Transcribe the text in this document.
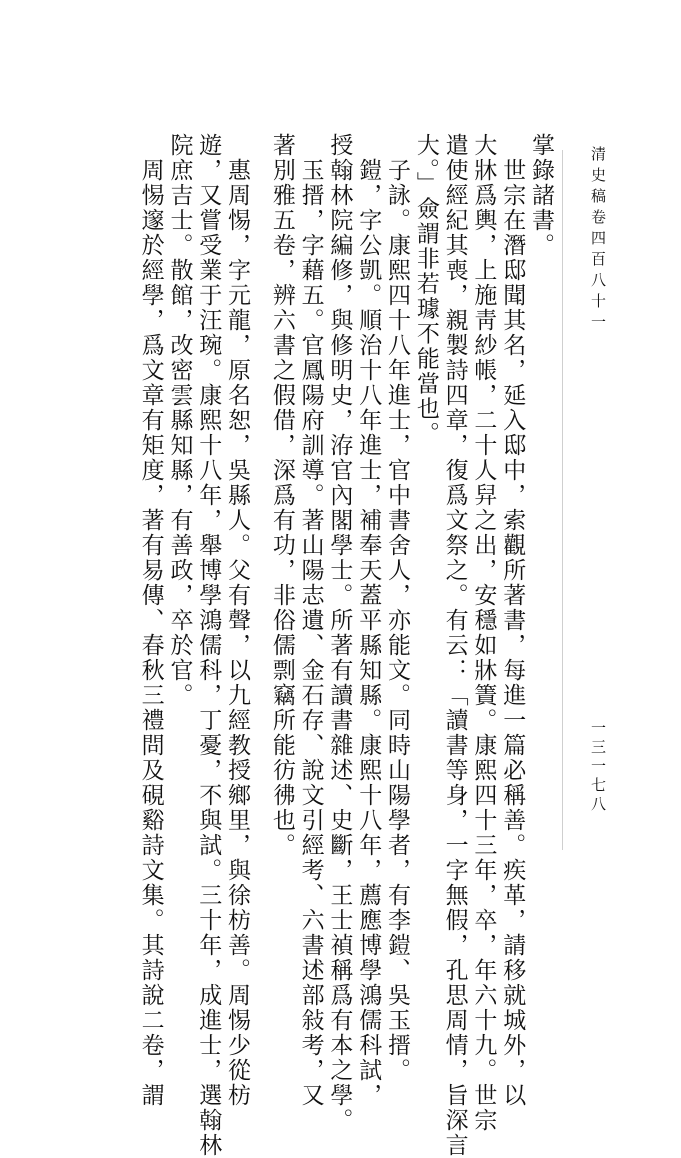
清史稿卷四百八十一
一三一七八
掌錄諸書。
　世宗在潛邸聞其名，延入邸中，索觀所著書，每進一篇必稱善。疾革，請移就城外，以
大牀爲輿，上施靑紗帳，二十人舁之出，安穩如牀簀。康熙四十三年，卒，年六十九。世宗
遣使經紀其喪，親製詩四章，復爲文祭之。有云：「讀書等身，一字無假，孔思周情，旨深言
大。」僉謂非若璩不能當也。
　子詠。康熙四十八年進士，官中書舍人，亦能文。同時山陽學者，有李鎧、吳玉搢。
　鎧，字公凱。順治十八年進士，補奉天蓋平縣知縣。康熙十八年，薦應博學鴻儒科試，
授翰林院編修，與修明史，洊官內閣學士。所著有讀書雜述、史斷，王士禎稱爲有本之學。
　玉搢，字藉五。官鳳陽府訓導。著山陽志遺、金石存、說文引經考、六書述部敍考，又
著別雅五卷，辨六書之假借，深爲有功，非俗儒剽竊所能彷彿也。
　惠周惕，字元龍，原名恕，吳縣人。父有聲，以九經教授鄉里，與徐枋善。周惕少從枋
遊，又嘗受業于汪琬。康熙十八年，舉博學鴻儒科，丁憂，不與試。三十年，成進士，選翰林
院庶吉士。散館，改密雲縣知縣，有善政，卒於官。
　周惕邃於經學，爲文章有矩度，著有易傳、春秋三禮問及硯谿詩文集。其詩說二卷，謂
